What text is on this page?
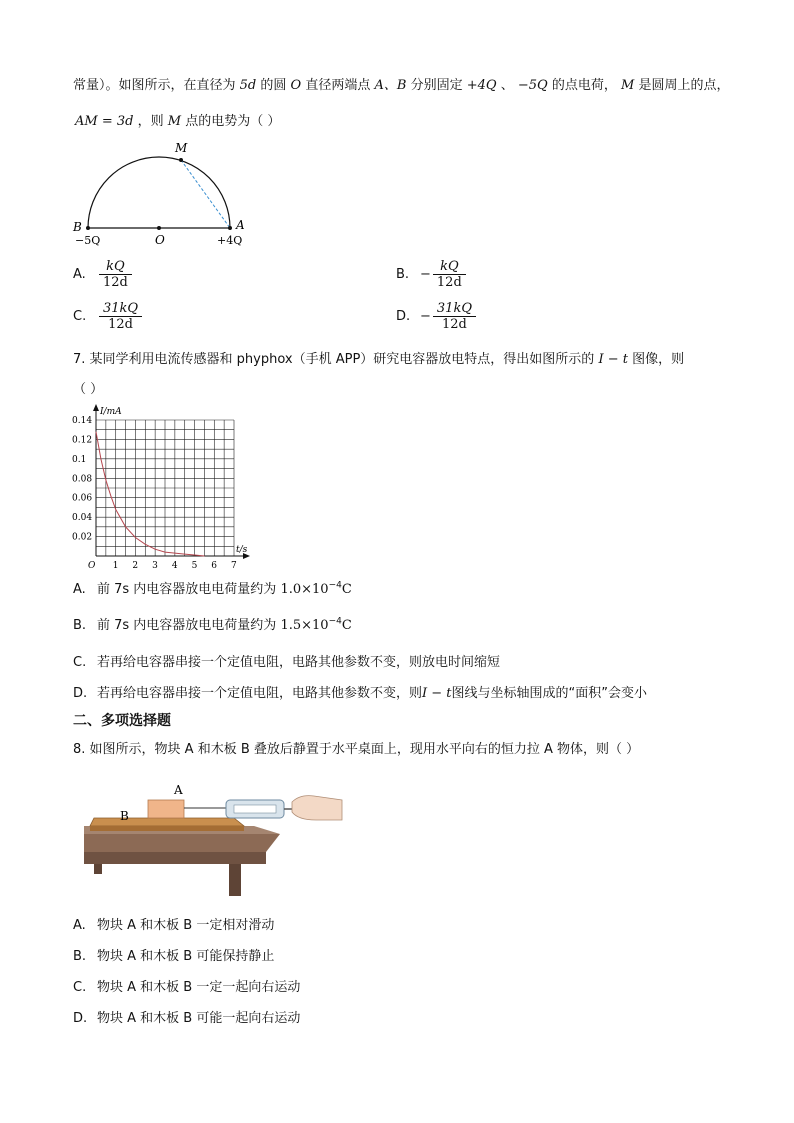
常量）。如图所示，在直径为 5d 的圆 O 直径两端点 A、B 分别固定 +4Q 、 −5Q 的点电荷， M 是圆周上的点，
AM = 3d ，则 M 点的电势为（ ）
M
B	A
O
−5Q	+4Q
A. $\frac{kQ}{12d}$	B. − $\frac{kQ}{12d}$
C. $\frac{31kQ}{12d}$	D. − $\frac{31kQ}{12d}$
7. 某同学利用电流传感器和 phyphox（手机 APP）研究电容器放电特点，得出如图所示的 I − t 图像，则
（ ）
1 2 3 4 5 6 7
0.02
0.04
0.06
0.08
0.1
0.12
0.14
O
I/mA
t/s
A. 前 7s 内电容器放电电荷量约为 $1.0\times 10^{-4}C$
B. 前 7s 内电容器放电电荷量约为 $1.5\times 10^{-4}C$
C. 若再给电容器串接一个定值电阻，电路其他参数不变，则放电时间缩短
D. 若再给电容器串接一个定值电阻，电路其他参数不变，则I − t图线与坐标轴围成的“面积”会变小
二、多项选择题
8. 如图所示，物块 A 和木板 B 叠放后静置于水平桌面上，现用水平向右的恒力拉 A 物体，则（ ）
B
A
A. 物块 A 和木板 B 一定相对滑动
B. 物块 A 和木板 B 可能保持静止
C. 物块 A 和木板 B 一定一起向右运动
D. 物块 A 和木板 B 可能一起向右运动
